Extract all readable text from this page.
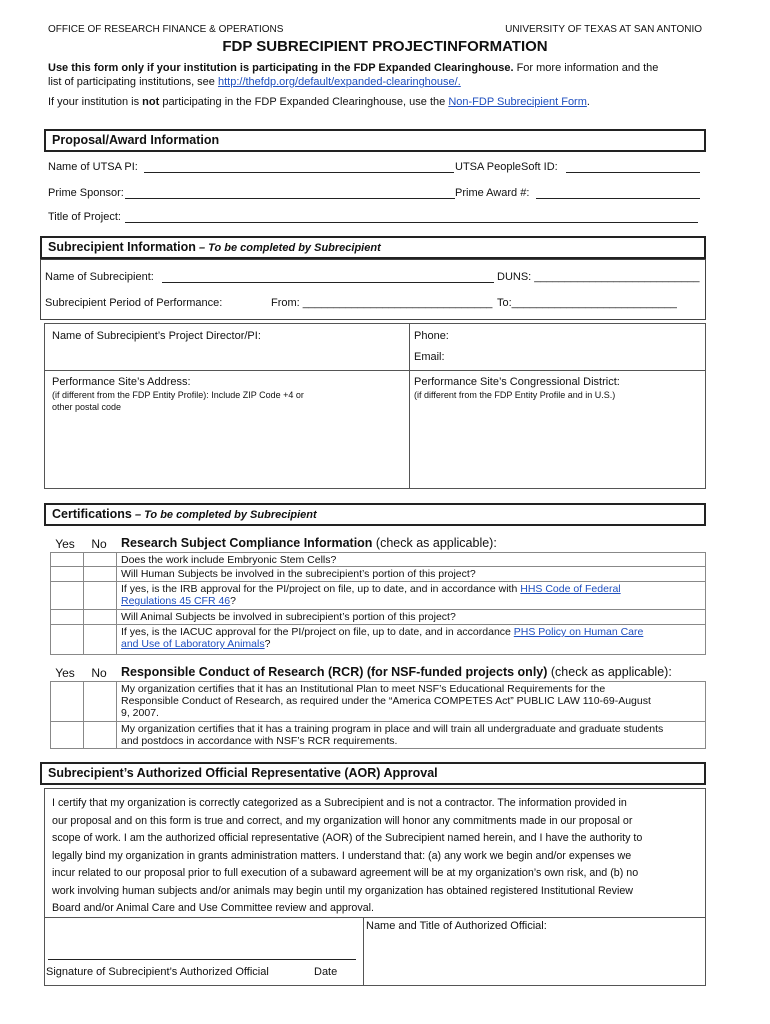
OFFICE OF RESEARCH FINANCE & OPERATIONS	UNIVERSITY OF TEXAS AT SAN ANTONIO
FDP SUBRECIPIENT PROJECTINFORMATION
Use this form only if your institution is participating in the FDP Expanded Clearinghouse. For more information and the
list of participating institutions, see http://thefdp.org/default/expanded-clearinghouse/.
If your institution is not participating in the FDP Expanded Clearinghouse, use the Non-FDP Subrecipient Form.
Proposal/Award Information
Name of UTSA PI:	UTSA PeopleSoft ID:
Prime Sponsor:	Prime Award #:
Title of Project:
Subrecipient Information – To be completed by Subrecipient
Name of Subrecipient:	DUNS: ___________________________
Subrecipient Period of Performance:	From: _______________________________ To:___________________________
Name of Subrecipient’s Project Director/PI:	Phone:
Email:
Performance Site’s Address:
(if different from the FDP Entity Profile): Include ZIP Code +4 or
other postal code
Performance Site’s Congressional District:
(if different from the FDP Entity Profile and in U.S.)
Certifications – To be completed by Subrecipient
Yes	No	Research Subject Compliance Information (check as applicable):
Does the work include Embryonic Stem Cells?
Will Human Subjects be involved in the subrecipient’s portion of this project?
If yes, is the IRB approval for the PI/project on file, up to date, and in accordance with HHS Code of Federal
Regulations 45 CFR 46?
Will Animal Subjects be involved in subrecipient’s portion of this project?
If yes, is the IACUC approval for the PI/project on file, up to date, and in accordance PHS Policy on Human Care
and Use of Laboratory Animals?
Yes	No	Responsible Conduct of Research (RCR) (for NSF-funded projects only) (check as applicable):
My organization certifies that it has an Institutional Plan to meet NSF’s Educational Requirements for the
Responsible Conduct of Research, as required under the “America COMPETES Act” PUBLIC LAW 110-69-August
9, 2007.
My organization certifies that it has a training program in place and will train all undergraduate and graduate students
and postdocs in accordance with NSF’s RCR requirements.
Subrecipient’s Authorized Official Representative (AOR) Approval
I certify that my organization is correctly categorized as a Subrecipient and is not a contractor. The information provided in
our proposal and on this form is true and correct, and my organization will honor any commitments made in our proposal or
scope of work. I am the authorized official representative (AOR) of the Subrecipient named herein, and I have the authority to
legally bind my organization in grants administration matters. I understand that: (a) any work we begin and/or expenses we
incur related to our proposal prior to full execution of a subaward agreement will be at my organization’s own risk, and (b) no
work involving human subjects and/or animals may begin until my organization has obtained registered Institutional Review
Board and/or Animal Care and Use Committee review and approval.
Name and Title of Authorized Official:
Signature of Subrecipient’s Authorized Official	Date
